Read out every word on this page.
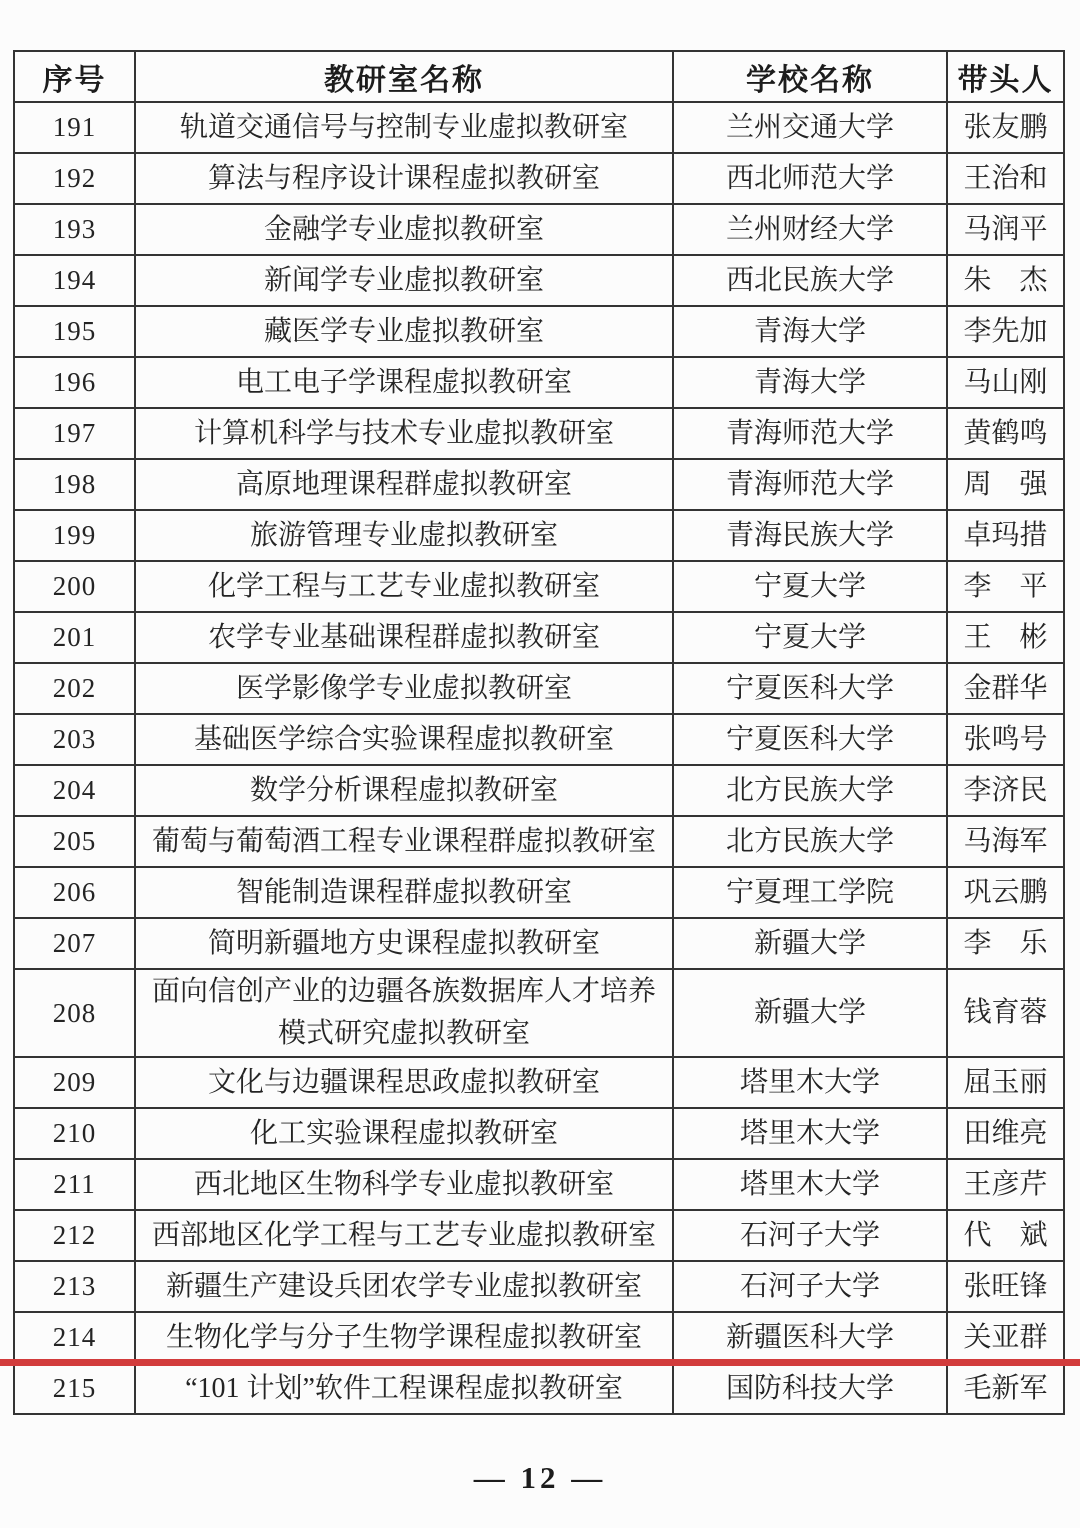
序号	教研室名称	学校名称	带头人
191	轨道交通信号与控制专业虚拟教研室	兰州交通大学	张友鹏
192	算法与程序设计课程虚拟教研室	西北师范大学	王治和
193	金融学专业虚拟教研室	兰州财经大学	马润平
194	新闻学专业虚拟教研室	西北民族大学	朱　杰
195	藏医学专业虚拟教研室	青海大学	李先加
196	电工电子学课程虚拟教研室	青海大学	马山刚
197	计算机科学与技术专业虚拟教研室	青海师范大学	黄鹤鸣
198	高原地理课程群虚拟教研室	青海师范大学	周　强
199	旅游管理专业虚拟教研室	青海民族大学	卓玛措
200	化学工程与工艺专业虚拟教研室	宁夏大学	李　平
201	农学专业基础课程群虚拟教研室	宁夏大学	王　彬
202	医学影像学专业虚拟教研室	宁夏医科大学	金群华
203	基础医学综合实验课程虚拟教研室	宁夏医科大学	张鸣号
204	数学分析课程虚拟教研室	北方民族大学	李济民
205	葡萄与葡萄酒工程专业课程群虚拟教研室	北方民族大学	马海军
206	智能制造课程群虚拟教研室	宁夏理工学院	巩云鹏
207	简明新疆地方史课程虚拟教研室	新疆大学	李　乐
208	面向信创产业的边疆各族数据库人才培养模式研究虚拟教研室	新疆大学	钱育蓉
209	文化与边疆课程思政虚拟教研室	塔里木大学	屈玉丽
210	化工实验课程虚拟教研室	塔里木大学	田维亮
211	西北地区生物科学专业虚拟教研室	塔里木大学	王彦芹
212	西部地区化学工程与工艺专业虚拟教研室	石河子大学	代　斌
213	新疆生产建设兵团农学专业虚拟教研室	石河子大学	张旺锋
214	生物化学与分子生物学课程虚拟教研室	新疆医科大学	关亚群
215	“101 计划”软件工程课程虚拟教研室	国防科技大学	毛新军
— 12 —
